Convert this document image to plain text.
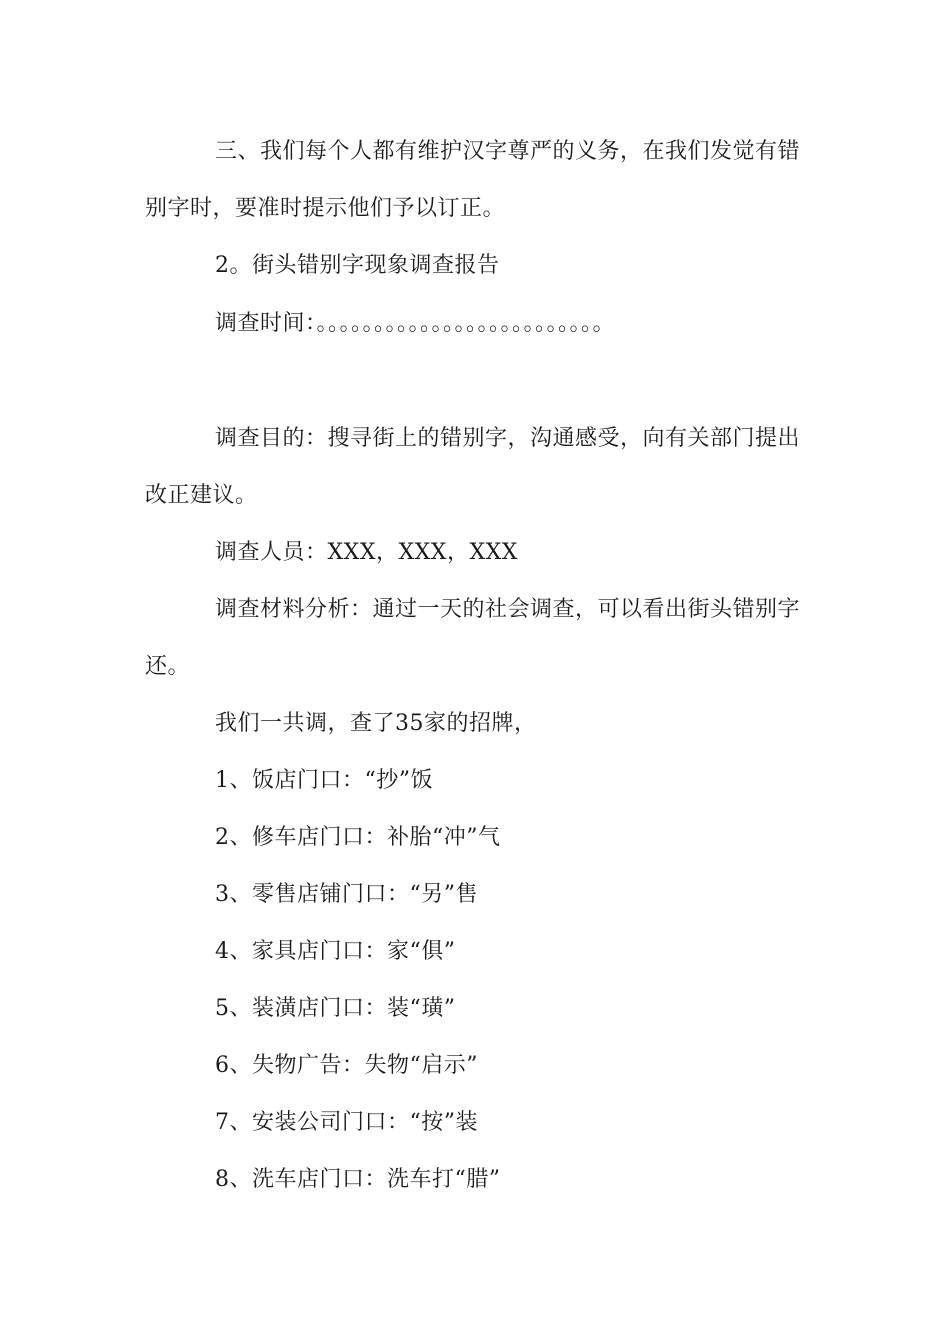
三、我们每个人都有维护汉字尊严的义务，在我们发觉有错
别字时，要准时提示他们予以订正。
2。街头错别字现象调查报告
调查时间：。。。。。。。。。。。。。。。。。。。。。。。。。
调查目的：搜寻街上的错别字，沟通感受，向有关部门提出
改正建议。
调查人员：XXX，XXX，XXX
调查材料分析：通过一天的社会调查，可以看出街头错别字
还。
我们一共调，查了35家的招牌，
1、饭店门口：“抄”饭
2、修车店门口：补胎“冲”气
3、零售店铺门口：“另”售
4、家具店门口：家“俱”
5、装潢店门口：装“璜”
6、失物广告：失物“启示”
7、安装公司门口：“按”装
8、洗车店门口：洗车打“腊”
